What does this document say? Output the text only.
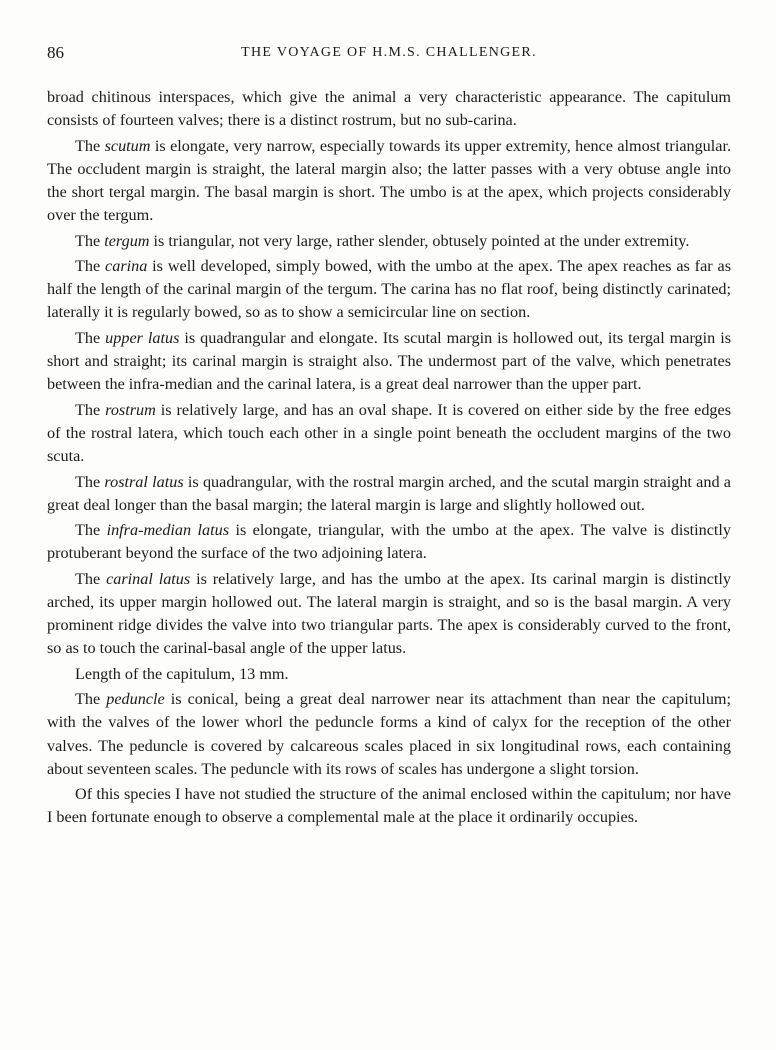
86	THE VOYAGE OF H.M.S. CHALLENGER.

broad chitinous interspaces, which give the animal a very characteristic appearance. The capitulum consists of fourteen valves; there is a distinct rostrum, but no sub-carina.

The scutum is elongate, very narrow, especially towards its upper extremity, hence almost triangular. The occludent margin is straight, the lateral margin also; the latter passes with a very obtuse angle into the short tergal margin. The basal margin is short. The umbo is at the apex, which projects considerably over the tergum.

The tergum is triangular, not very large, rather slender, obtusely pointed at the under extremity.

The carina is well developed, simply bowed, with the umbo at the apex. The apex reaches as far as half the length of the carinal margin of the tergum. The carina has no flat roof, being distinctly carinated; laterally it is regularly bowed, so as to show a semicircular line on section.

The upper latus is quadrangular and elongate. Its scutal margin is hollowed out, its tergal margin is short and straight; its carinal margin is straight also. The undermost part of the valve, which penetrates between the infra-median and the carinal latera, is a great deal narrower than the upper part.

The rostrum is relatively large, and has an oval shape. It is covered on either side by the free edges of the rostral latera, which touch each other in a single point beneath the occludent margins of the two scuta.

The rostral latus is quadrangular, with the rostral margin arched, and the scutal margin straight and a great deal longer than the basal margin; the lateral margin is large and slightly hollowed out.

The infra-median latus is elongate, triangular, with the umbo at the apex. The valve is distinctly protuberant beyond the surface of the two adjoining latera.

The carinal latus is relatively large, and has the umbo at the apex. Its carinal margin is distinctly arched, its upper margin hollowed out. The lateral margin is straight, and so is the basal margin. A very prominent ridge divides the valve into two triangular parts. The apex is considerably curved to the front, so as to touch the carinal-basal angle of the upper latus.

Length of the capitulum, 13 mm.

The peduncle is conical, being a great deal narrower near its attachment than near the capitulum; with the valves of the lower whorl the peduncle forms a kind of calyx for the reception of the other valves. The peduncle is covered by calcareous scales placed in six longitudinal rows, each containing about seventeen scales. The peduncle with its rows of scales has undergone a slight torsion.

Of this species I have not studied the structure of the animal enclosed within the capitulum; nor have I been fortunate enough to observe a complemental male at the place it ordinarily occupies.
